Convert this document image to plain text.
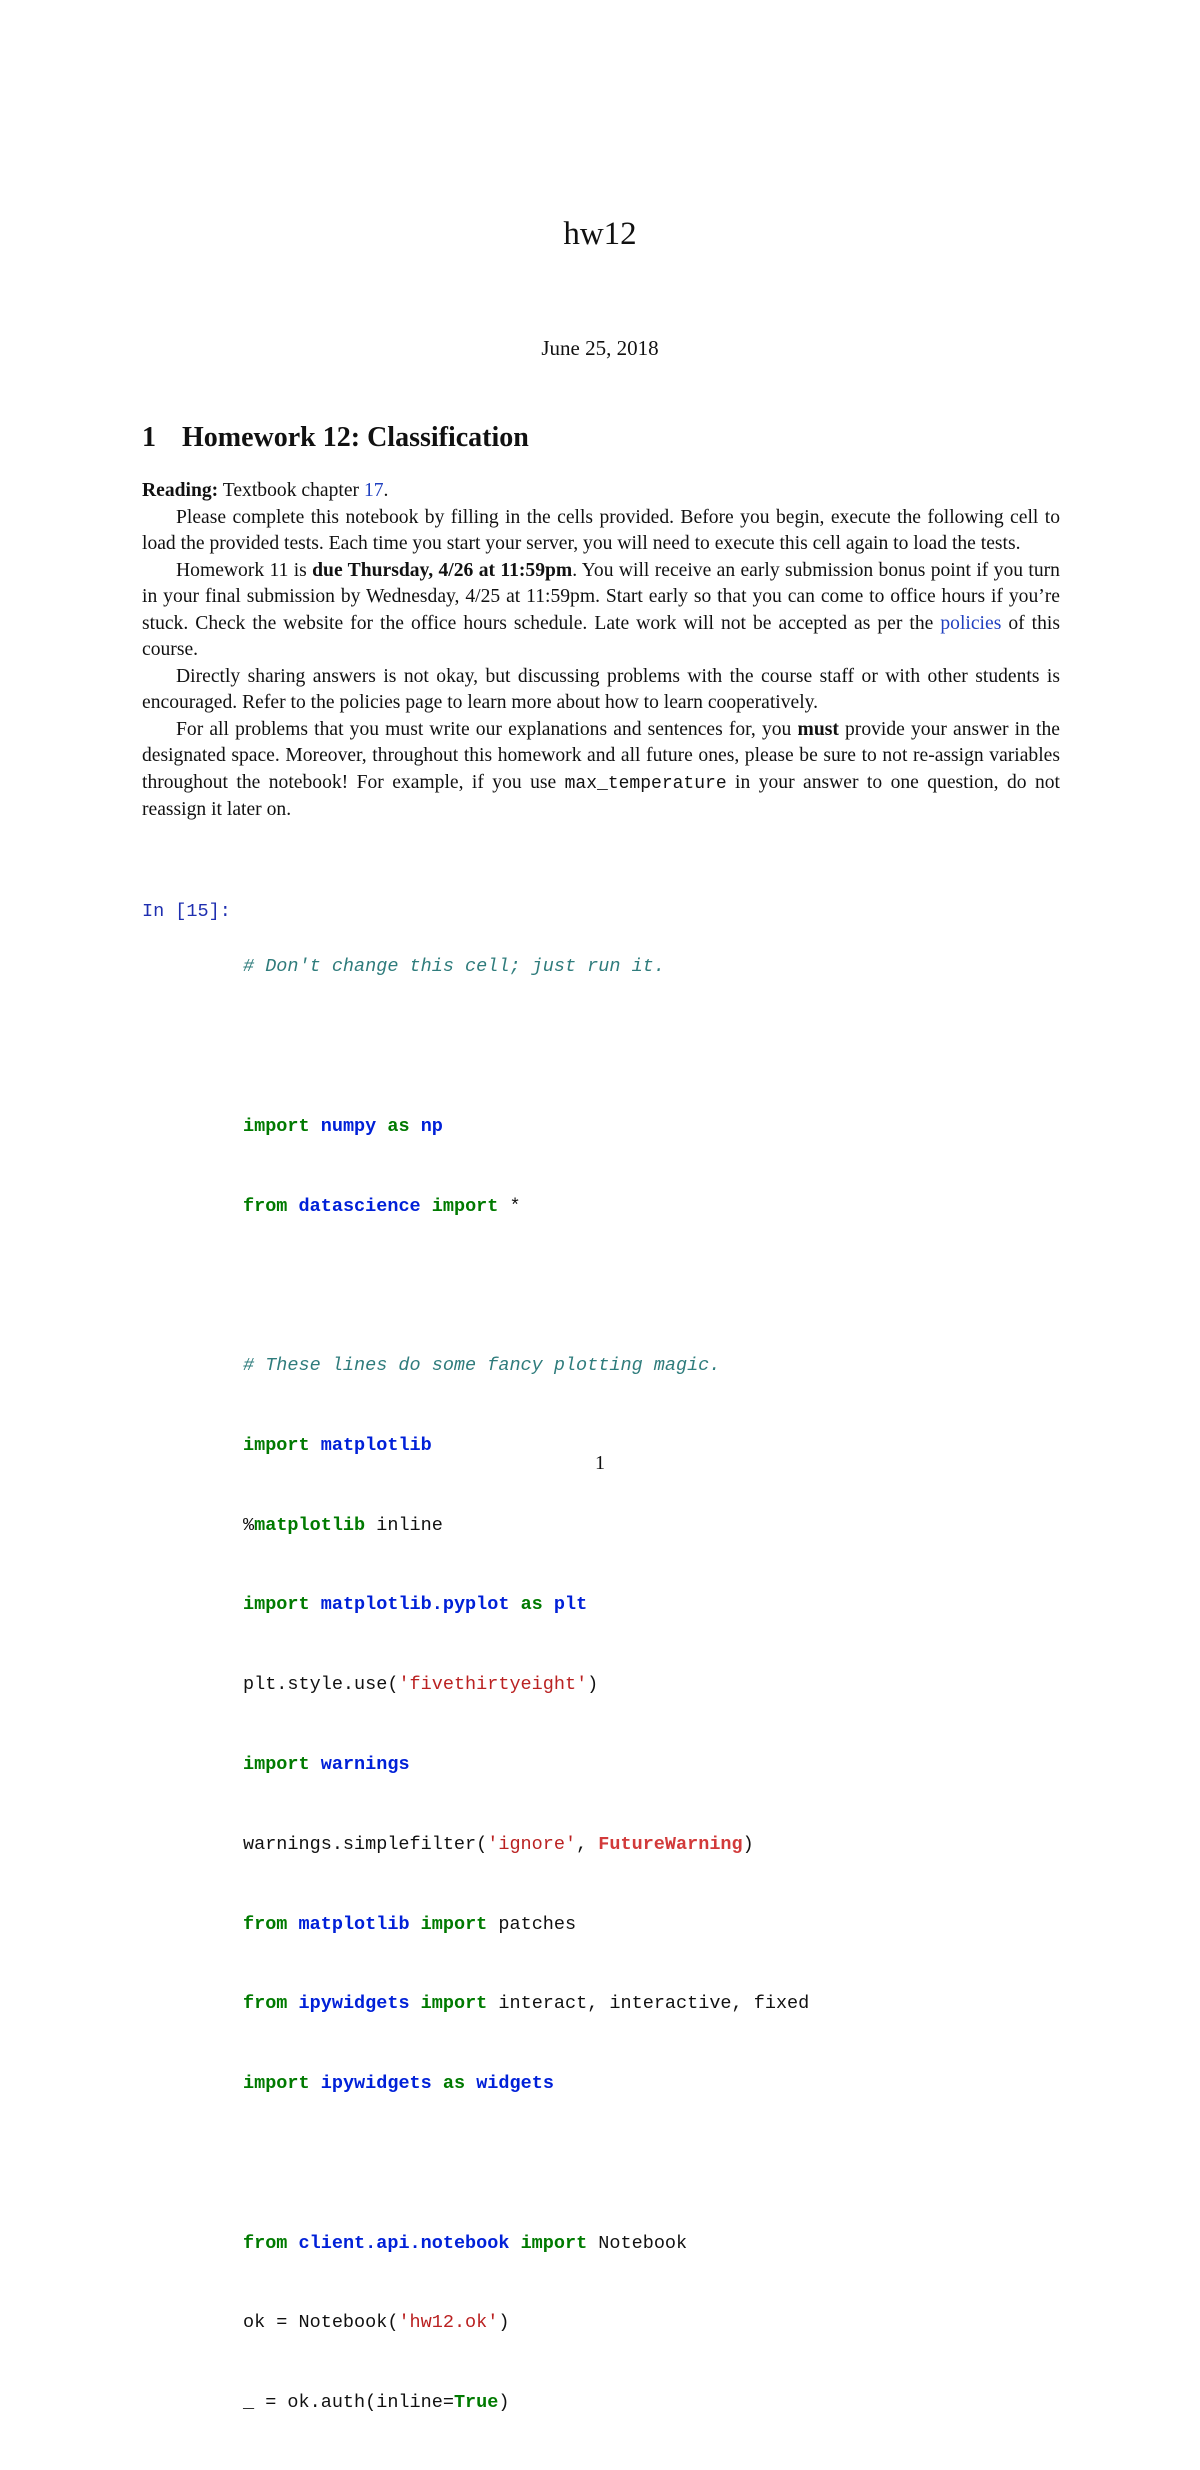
hw12
June 25, 2018
1 Homework 12: Classification

Reading: Textbook chapter 17.

Please complete this notebook by filling in the cells provided. Before you begin, execute the following cell to load the provided tests. Each time you start your server, you will need to execute this cell again to load the tests.

Homework 11 is due Thursday, 4/26 at 11:59pm. You will receive an early submission bonus point if you turn in your final submission by Wednesday, 4/25 at 11:59pm. Start early so that you can come to office hours if you’re stuck. Check the website for the office hours schedule. Late work will not be accepted as per the policies of this course.

Directly sharing answers is not okay, but discussing problems with the course staff or with other students is encouraged. Refer to the policies page to learn more about how to learn cooperatively.

For all problems that you must write our explanations and sentences for, you must provide your answer in the designated space. Moreover, throughout this homework and all future ones, please be sure to not re-assign variables throughout the notebook! For example, if you use max_temperature in your answer to one question, do not reassign it later on.

In [15]:

# Don't change this cell; just run it.

import numpy as np

from datascience import *

# These lines do some fancy plotting magic.

import matplotlib

%matplotlib inline

import matplotlib.pyplot as plt

plt.style.use('fivethirtyeight')

import warnings

warnings.simplefilter('ignore', FutureWarning)

from matplotlib import patches

from ipywidgets import interact, interactive, fixed

import ipywidgets as widgets

from client.api.notebook import Notebook

ok = Notebook('hw12.ok')

_ = ok.auth(inline=True)

1
